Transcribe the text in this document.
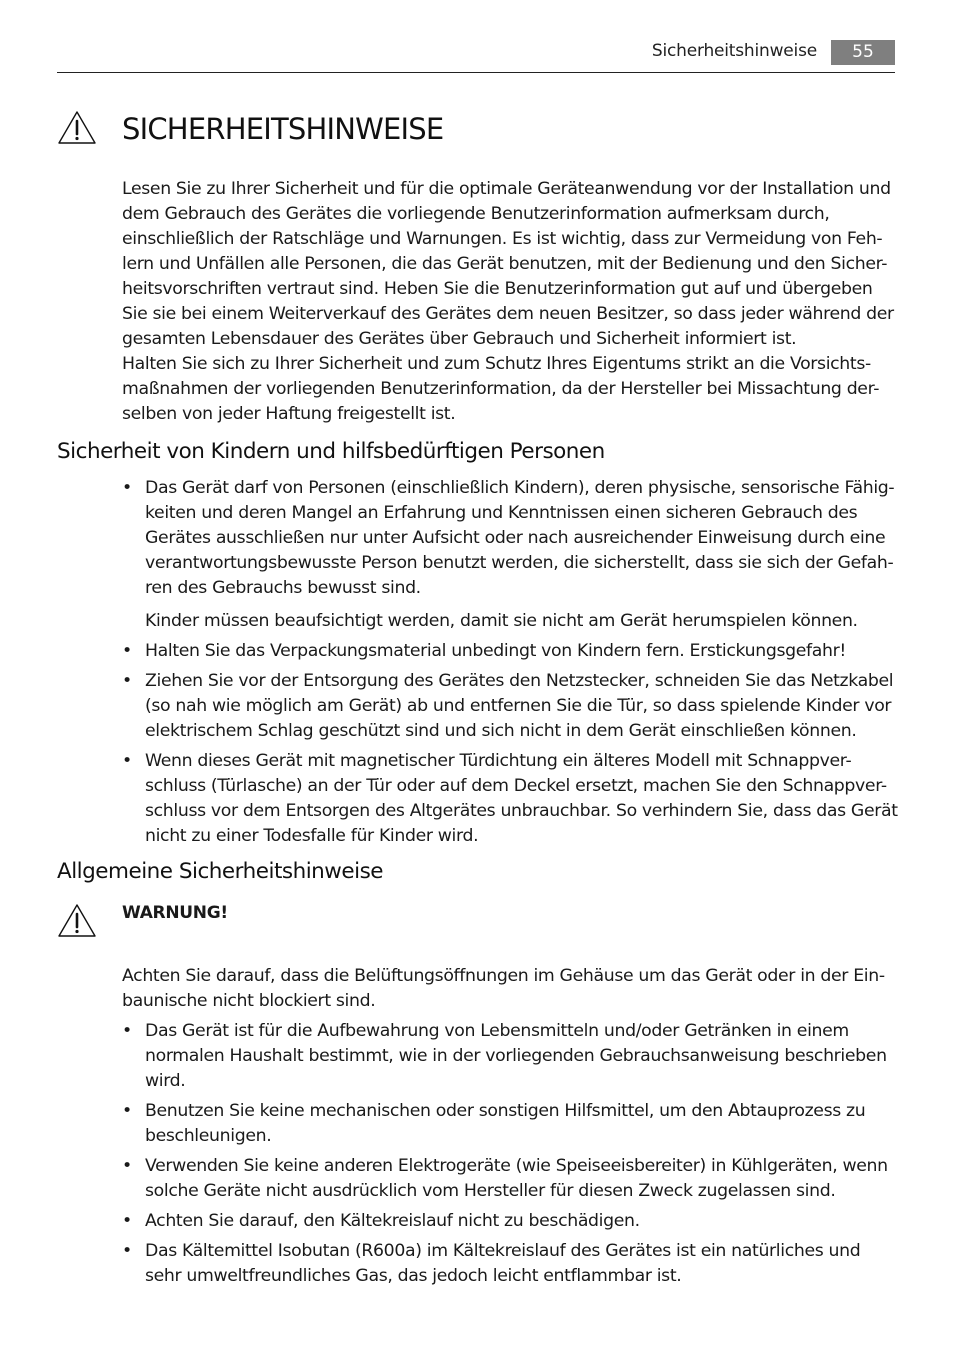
Sicherheitshinweise	55
SICHERHEITSHINWEISE

Lesen Sie zu Ihrer Sicherheit und für die optimale Geräteanwendung vor der Installation und dem Gebrauch des Gerätes die vorliegende Benutzerinformation aufmerksam durch, einschließlich der Ratschläge und Warnungen. Es ist wichtig, dass zur Vermeidung von Feh-lern und Unfällen alle Personen, die das Gerät benutzen, mit der Bedienung und den Sicher-heitsvorschriften vertraut sind. Heben Sie die Benutzerinformation gut auf und übergeben Sie sie bei einem Weiterverkauf des Gerätes dem neuen Besitzer, so dass jeder während der gesamten Lebensdauer des Gerätes über Gebrauch und Sicherheit informiert ist.

Halten Sie sich zu Ihrer Sicherheit und zum Schutz Ihres Eigentums strikt an die Vorsichts-maßnahmen der vorliegenden Benutzerinformation, da der Hersteller bei Missachtung der-selben von jeder Haftung freigestellt ist.

Sicherheit von Kindern und hilfsbedürftigen Personen
• Das Gerät darf von Personen (einschließlich Kindern), deren physische, sensorische Fähig-keiten und deren Mangel an Erfahrung und Kenntnissen einen sicheren Gebrauch des Gerätes ausschließen nur unter Aufsicht oder nach ausreichender Einweisung durch eine verantwortungsbewusste Person benutzt werden, die sicherstellt, dass sie sich der Gefah-ren des Gebrauchs bewusst sind.
Kinder müssen beaufsichtigt werden, damit sie nicht am Gerät herumspielen können.
• Halten Sie das Verpackungsmaterial unbedingt von Kindern fern. Erstickungsgefahr!
• Ziehen Sie vor der Entsorgung des Gerätes den Netzstecker, schneiden Sie das Netzkabel (so nah wie möglich am Gerät) ab und entfernen Sie die Tür, so dass spielende Kinder vor elektrischem Schlag geschützt sind und sich nicht in dem Gerät einschließen können.
• Wenn dieses Gerät mit magnetischer Türdichtung ein älteres Modell mit Schnappver-schluss (Türlasche) an der Tür oder auf dem Deckel ersetzt, machen Sie den Schnappver-schluss vor dem Entsorgen des Altgerätes unbrauchbar. So verhindern Sie, dass das Gerät nicht zu einer Todesfalle für Kinder wird.
Allgemeine Sicherheitshinweise
WARNUNG!

Achten Sie darauf, dass die Belüftungsöffnungen im Gehäuse um das Gerät oder in der Ein-baunische nicht blockiert sind.

• Das Gerät ist für die Aufbewahrung von Lebensmitteln und/oder Getränken in einem normalen Haushalt bestimmt, wie in der vorliegenden Gebrauchsanweisung beschrieben wird.
• Benutzen Sie keine mechanischen oder sonstigen Hilfsmittel, um den Abtauprozess zu beschleunigen.
• Verwenden Sie keine anderen Elektrogeräte (wie Speiseeisbereiter) in Kühlgeräten, wenn solche Geräte nicht ausdrücklich vom Hersteller für diesen Zweck zugelassen sind.
• Achten Sie darauf, den Kältekreislauf nicht zu beschädigen.
• Das Kältemittel Isobutan (R600a) im Kältekreislauf des Gerätes ist ein natürliches und sehr umweltfreundliches Gas, das jedoch leicht entflammbar ist.
